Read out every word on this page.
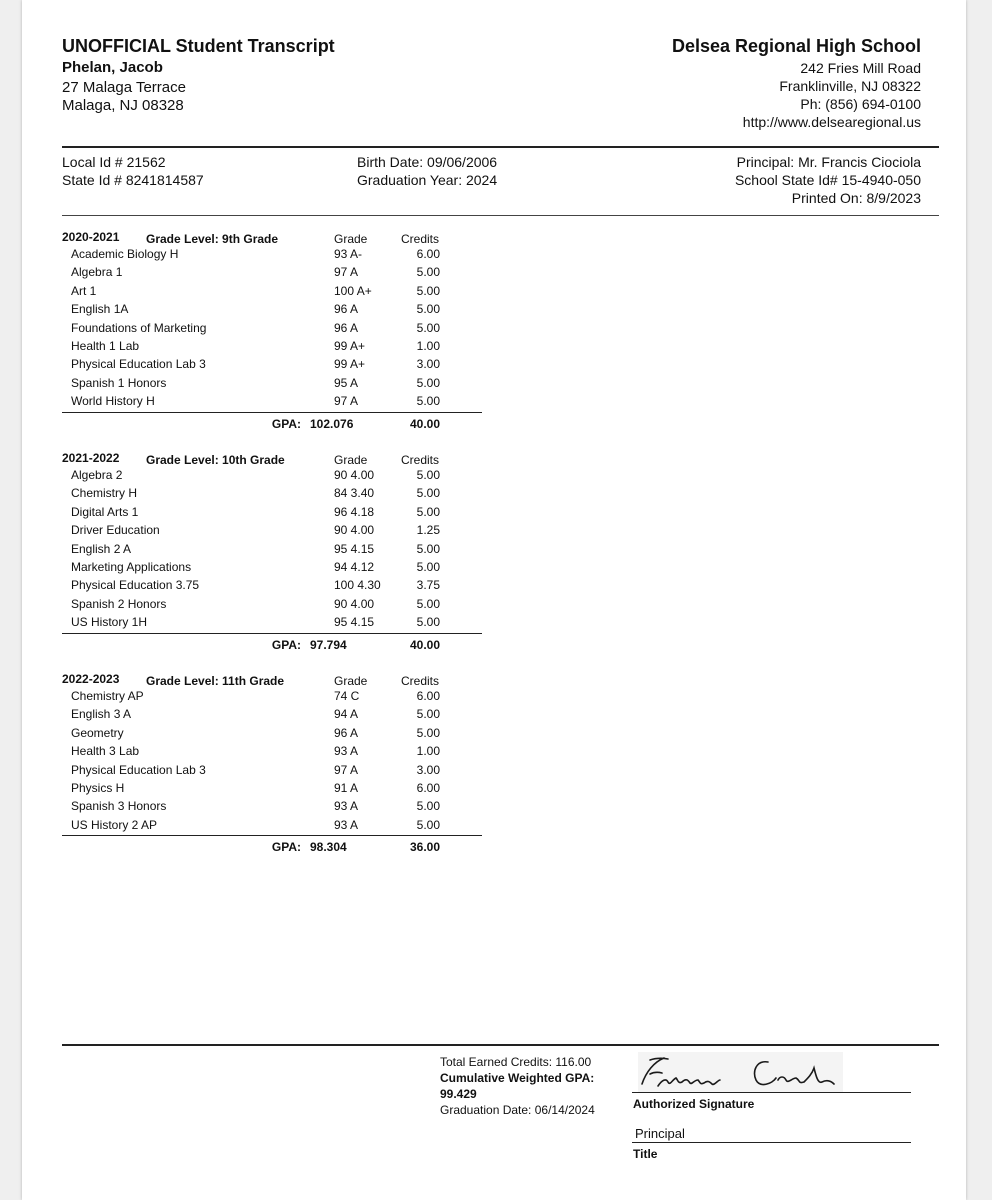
UNOFFICIAL Student Transcript
Phelan, Jacob
27 Malaga Terrace
Malaga, NJ 08328
Delsea Regional High School
242 Fries Mill Road
Franklinville, NJ 08322
Ph: (856) 694-0100
http://www.delsearegional.us
Local Id # 21562
State Id # 8241814587
Birth Date: 09/06/2006
Graduation Year: 2024
Principal: Mr. Francis Ciociola
School State Id# 15-4940-050
Printed On: 8/9/2023
2020-2021 Grade Level: 9th Grade	Grade	Credits
Academic Biology H	93 A-	6.00
Algebra 1	97 A	5.00
Art 1	100 A+	5.00
English 1A	96 A	5.00
Foundations of Marketing	96 A	5.00
Health 1 Lab	99 A+	1.00
Physical Education Lab 3	99 A+	3.00
Spanish 1 Honors	95 A	5.00
World History H	97 A	5.00
GPA: 102.076	40.00
2021-2022 Grade Level: 10th Grade	Grade	Credits
Algebra 2	90 4.00	5.00
Chemistry H	84 3.40	5.00
Digital Arts 1	96 4.18	5.00
Driver Education	90 4.00	1.25
English 2 A	95 4.15	5.00
Marketing Applications	94 4.12	5.00
Physical Education 3.75	100 4.30	3.75
Spanish 2 Honors	90 4.00	5.00
US History 1H	95 4.15	5.00
GPA: 97.794	40.00
2022-2023 Grade Level: 11th Grade	Grade	Credits
Chemistry AP	74 C	6.00
English 3 A	94 A	5.00
Geometry	96 A	5.00
Health 3 Lab	93 A	1.00
Physical Education Lab 3	97 A	3.00
Physics H	91 A	6.00
Spanish 3 Honors	93 A	5.00
US History 2 AP	93 A	5.00
GPA: 98.304	36.00
Total Earned Credits: 116.00
Cumulative Weighted GPA:
99.429
Graduation Date: 06/14/2024	Authorized Signature
Principal
Title
